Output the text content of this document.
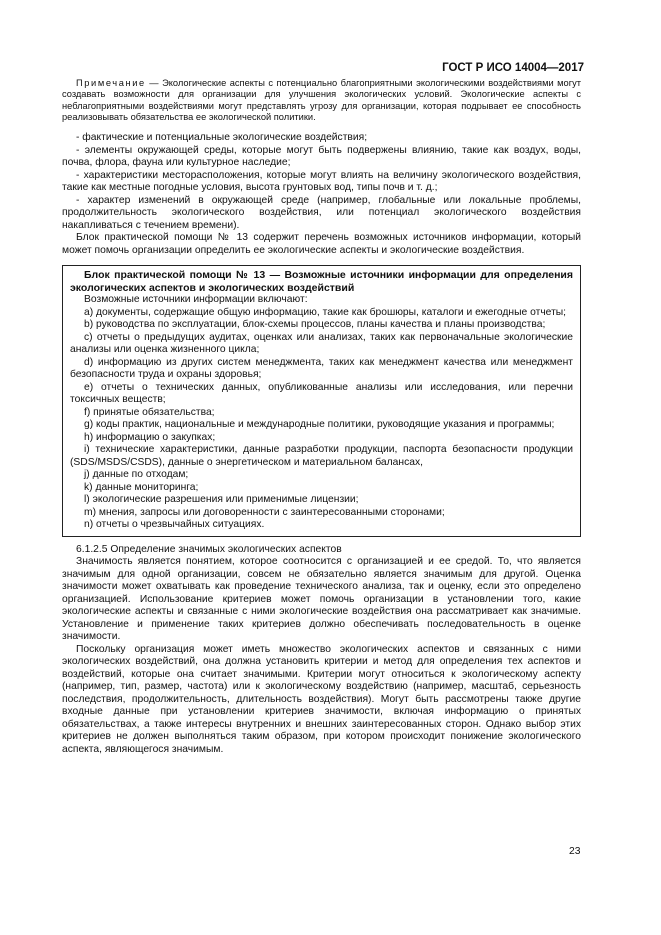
ГОСТ Р ИСО 14004—2017

Примечание — Экологические аспекты с потенциально благоприятными экологическими воздействиями могут создавать возможности для организации для улучшения экологических условий. Экологические аспекты с неблагоприятными воздействиями могут представлять угрозу для организации, которая подрывает ее способность реализовывать обязательства ее экологической политики.

- фактические и потенциальные экологические воздействия;

- элементы окружающей среды, которые могут быть подвержены влиянию, такие как воздух, воды, почва, флора, фауна или культурное наследие;

- характеристики месторасположения, которые могут влиять на величину экологического воздействия, такие как местные погодные условия, высота грунтовых вод, типы почв и т. д.;

- характер изменений в окружающей среде (например, глобальные или локальные проблемы, продолжительность экологического воздействия, или потенциал экологического воздействия накапливаться с течением времени).

Блок практической помощи № 13 содержит перечень возможных источников информации, который может помочь организации определить ее экологические аспекты и экологические воздействия.

Блок практической помощи № 13 — Возможные источники информации для определения экологических аспектов и экологических воздействий

Возможные источники информации включают:

a) документы, содержащие общую информацию, такие как брошюры, каталоги и ежегодные отчеты;

b) руководства по эксплуатации, блок-схемы процессов, планы качества и планы производства;

c) отчеты о предыдущих аудитах, оценках или анализах, таких как первоначальные экологические анализы или оценка жизненного цикла;

d) информацию из других систем менеджмента, таких как менеджмент качества или менеджмент безопасности труда и охраны здоровья;

e) отчеты о технических данных, опубликованные анализы или исследования, или перечни токсичных веществ;

f) принятые обязательства;

g) коды практик, национальные и международные политики, руководящие указания и программы;

h) информацию о закупках;

i) технические характеристики, данные разработки продукции, паспорта безопасности продукции (SDS/MSDS/CSDS), данные о энергетическом и материальном балансах,

j) данные по отходам;

k) данные мониторинга;

l) экологические разрешения или применимые лицензии;

m) мнения, запросы или договоренности с заинтересованными сторонами;

n) отчеты о чрезвычайных ситуациях.

6.1.2.5 Определение значимых экологических аспектов

Значимость является понятием, которое соотносится с организацией и ее средой. То, что является значимым для одной организации, совсем не обязательно является значимым для другой. Оценка значимости может охватывать как проведение технического анализа, так и оценку, если это определено организацией. Использование критериев может помочь организации в установлении того, какие экологические аспекты и связанные с ними экологические воздействия она рассматривает как значимые. Установление и применение таких критериев должно обеспечивать последовательность в оценке значимости.

Поскольку организация может иметь множество экологических аспектов и связанных с ними экологических воздействий, она должна установить критерии и метод для определения тех аспектов и воздействий, которые она считает значимыми. Критерии могут относиться к экологическому аспекту (например, тип, размер, частота) или к экологическому воздействию (например, масштаб, серьезность последствия, продолжительность, длительность воздействия). Могут быть рассмотрены также другие входные данные при установлении критериев значимости, включая информацию о принятых обязательствах, а также интересы внутренних и внешних заинтересованных сторон. Однако выбор этих критериев не должен выполняться таким образом, при котором происходит понижение экологического аспекта, являющегося значимым.

23
